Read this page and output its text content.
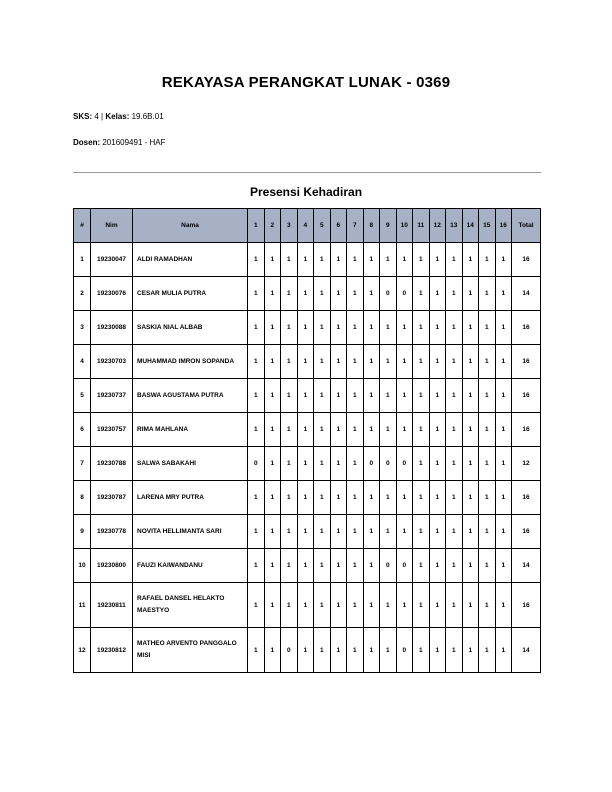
REKAYASA PERANGKAT LUNAK - 0369
SKS: 4 | Kelas: 19.6B.01
Dosen: 201609491 - HAF
Presensi Kehadiran
#	Nim	Nama	1	2	3	4	5	6	7	8	9	10	11	12	13	14	15	16	Total
1	19230047	ALDI RAMADHAN	1	1	1	1	1	1	1	1	1	1	1	1	1	1	1	1	16
2	19230076	CESAR MULIA PUTRA	1	1	1	1	1	1	1	1	0	0	1	1	1	1	1	1	14
3	19230088	SASKIA NIAL ALBAB	1	1	1	1	1	1	1	1	1	1	1	1	1	1	1	1	16
4	19230703	MUHAMMAD IMRON SOPANDA	1	1	1	1	1	1	1	1	1	1	1	1	1	1	1	1	16
5	19230737	BASWA AGUSTAMA PUTRA	1	1	1	1	1	1	1	1	1	1	1	1	1	1	1	1	16
6	19230757	RIMA MAHLANA	1	1	1	1	1	1	1	1	1	1	1	1	1	1	1	1	16
7	19230788	SALWA SABAKAHI	0	1	1	1	1	1	1	0	0	0	1	1	1	1	1	1	12
8	19230787	LARENA MRY PUTRA	1	1	1	1	1	1	1	1	1	1	1	1	1	1	1	1	16
9	19230778	NOVITA HELLIMANTA SARI	1	1	1	1	1	1	1	1	1	1	1	1	1	1	1	1	16
10	19230800	FAUZI KAIWANDANU	1	1	1	1	1	1	1	1	0	0	1	1	1	1	1	1	14
11	19230811	RAFAEL DANSEL HELAKTO MAESTYO	1	1	1	1	1	1	1	1	1	1	1	1	1	1	1	1	16
12	19230812	MATHEO ARVENTO PANGGALO MISI	1	1	0	1	1	1	1	1	1	0	1	1	1	1	1	1	14
